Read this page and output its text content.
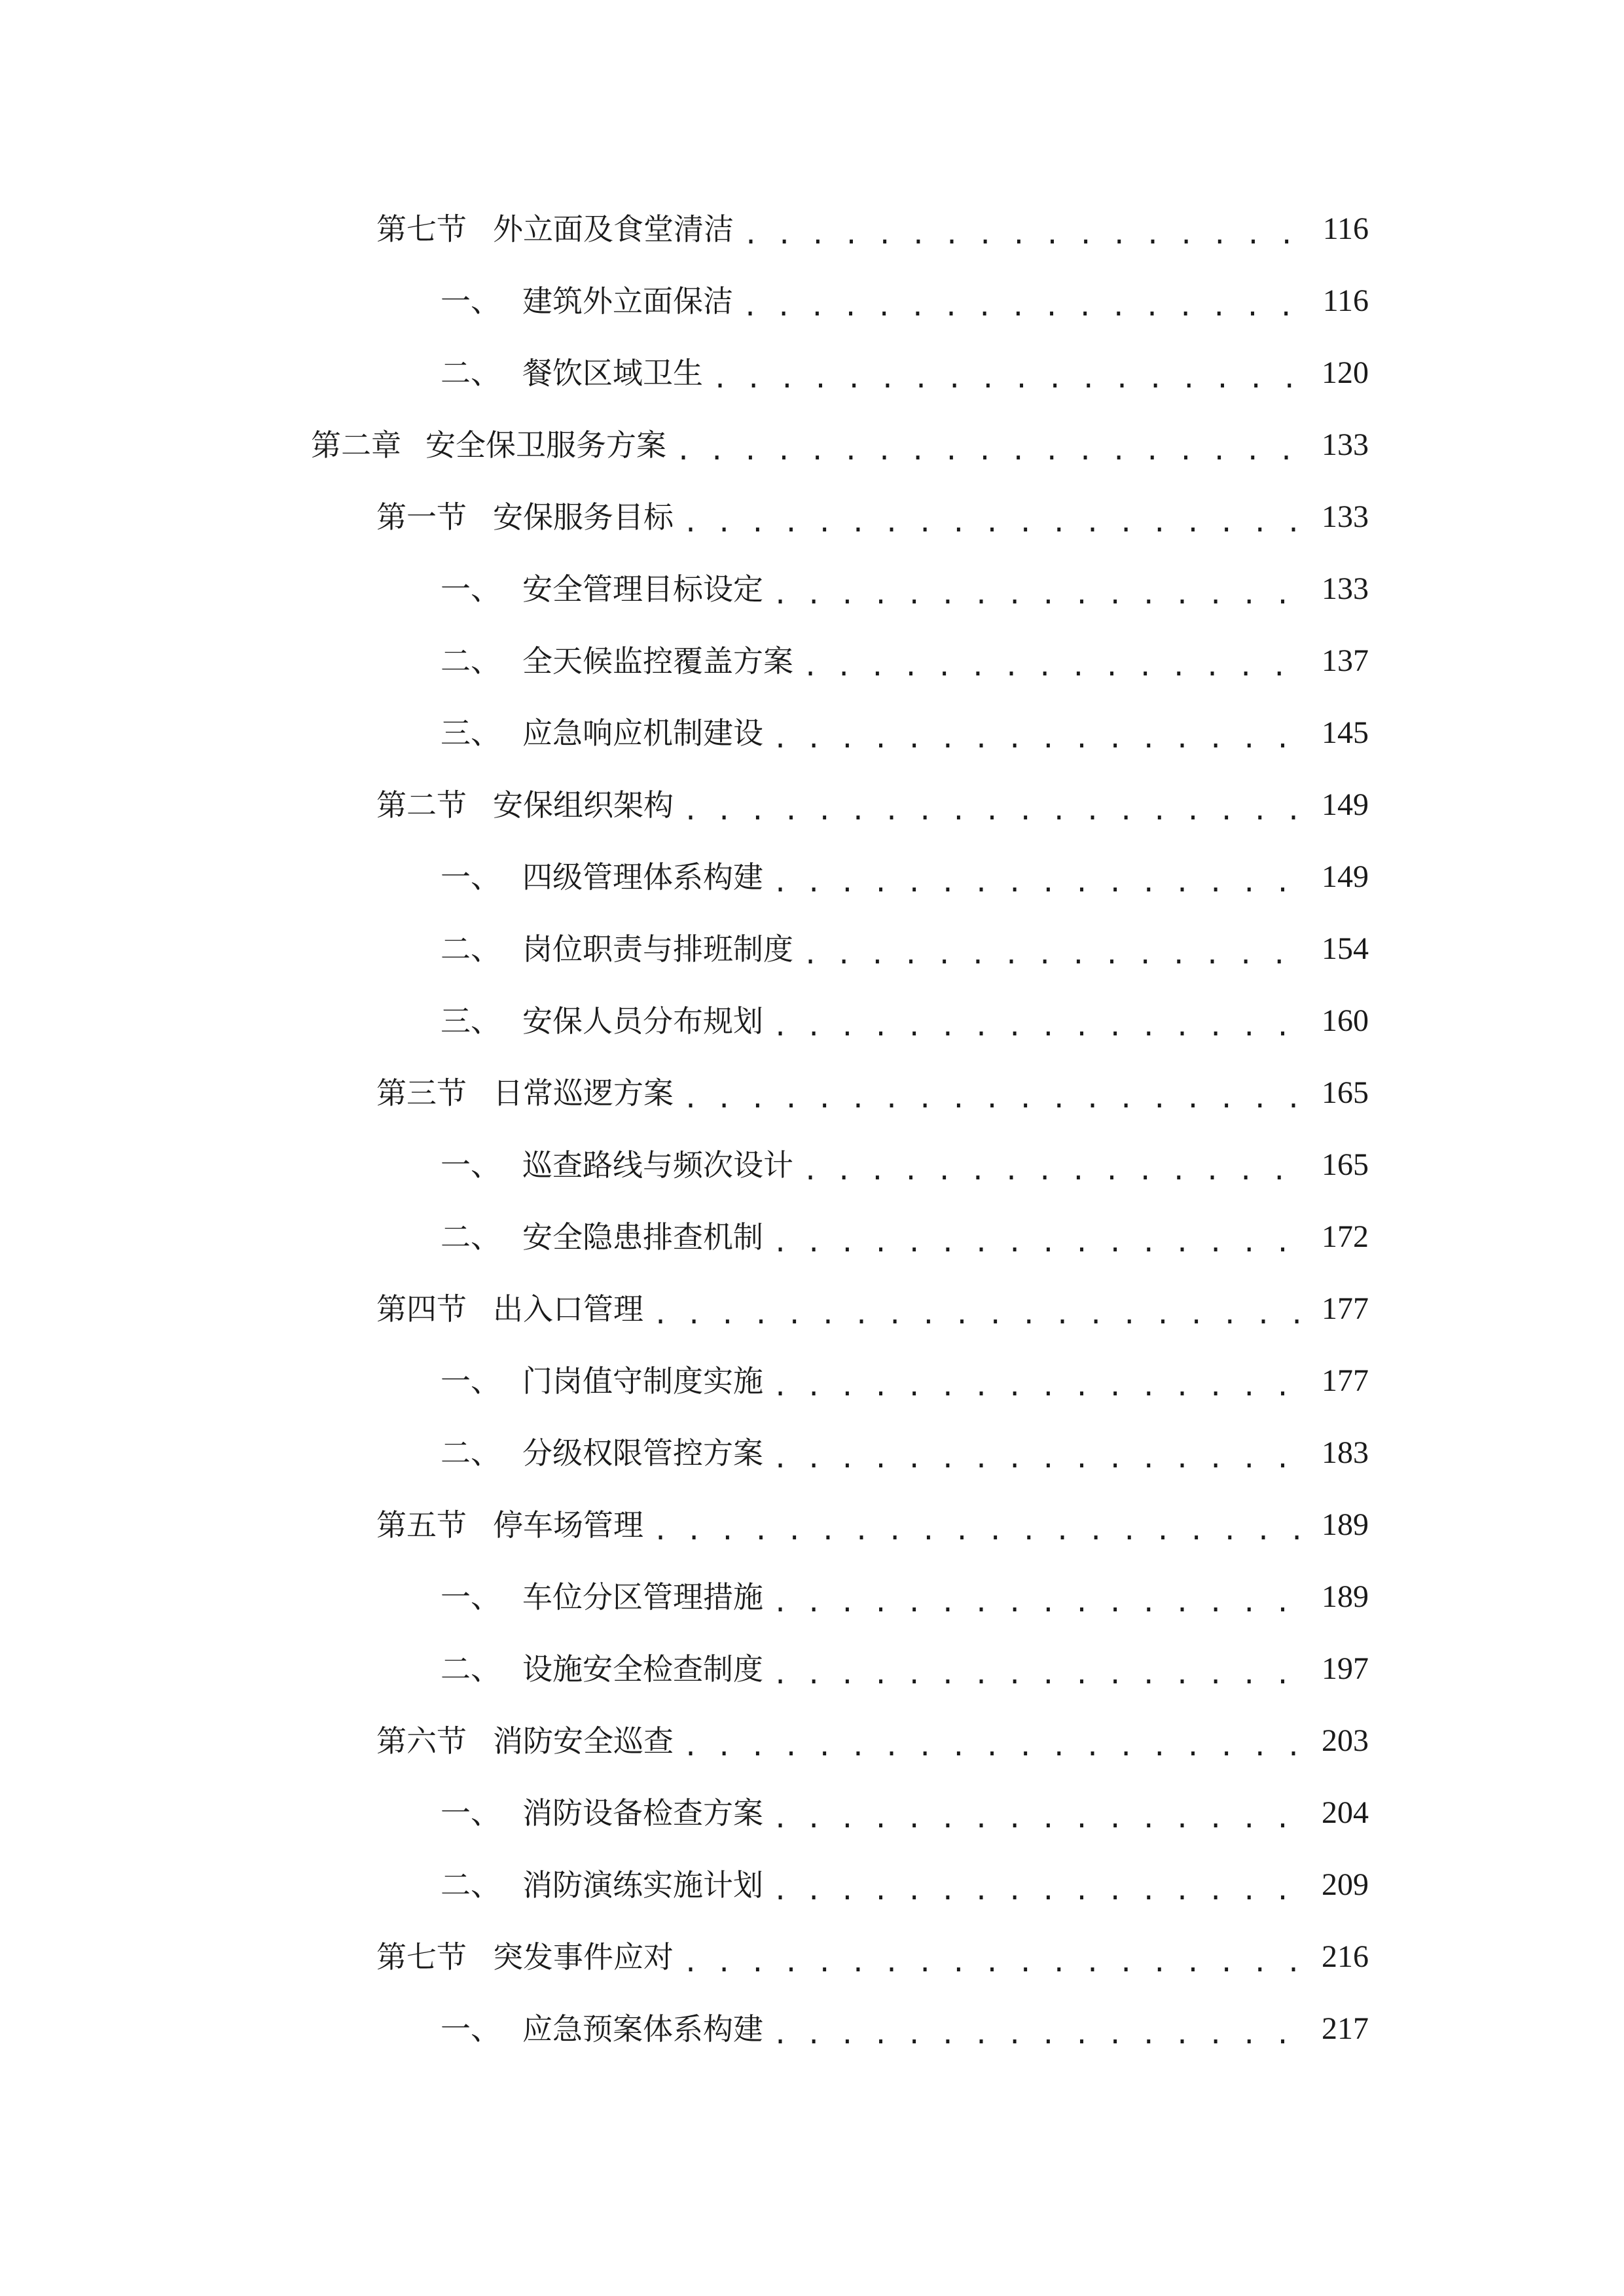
第七节 外立面及食堂清洁 . . .	116
一、 建筑外立面保洁 . . .	116
二、 餐饮区域卫生 . . .	120
第二章 安全保卫服务方案 . . .	133
第一节 安保服务目标 . . .	133
一、 安全管理目标设定 . . .	133
二、 全天候监控覆盖方案 . . .	137
三、 应急响应机制建设 . . .	145
第二节 安保组织架构 . . .	149
一、 四级管理体系构建 . . .	149
二、 岗位职责与排班制度 . . .	154
三、 安保人员分布规划 . . .	160
第三节 日常巡逻方案 . . .	165
一、 巡查路线与频次设计 . . .	165
二、 安全隐患排查机制 . . .	172
第四节 出入口管理 . . .	177
一、 门岗值守制度实施 . . .	177
二、 分级权限管控方案 . . .	183
第五节 停车场管理 . . .	189
一、 车位分区管理措施 . . .	189
二、 设施安全检查制度 . . .	197
第六节 消防安全巡查 . . .	203
一、 消防设备检查方案 . . .	204
二、 消防演练实施计划 . . .	209
第七节 突发事件应对 . . .	216
一、 应急预案体系构建 . . .	217
